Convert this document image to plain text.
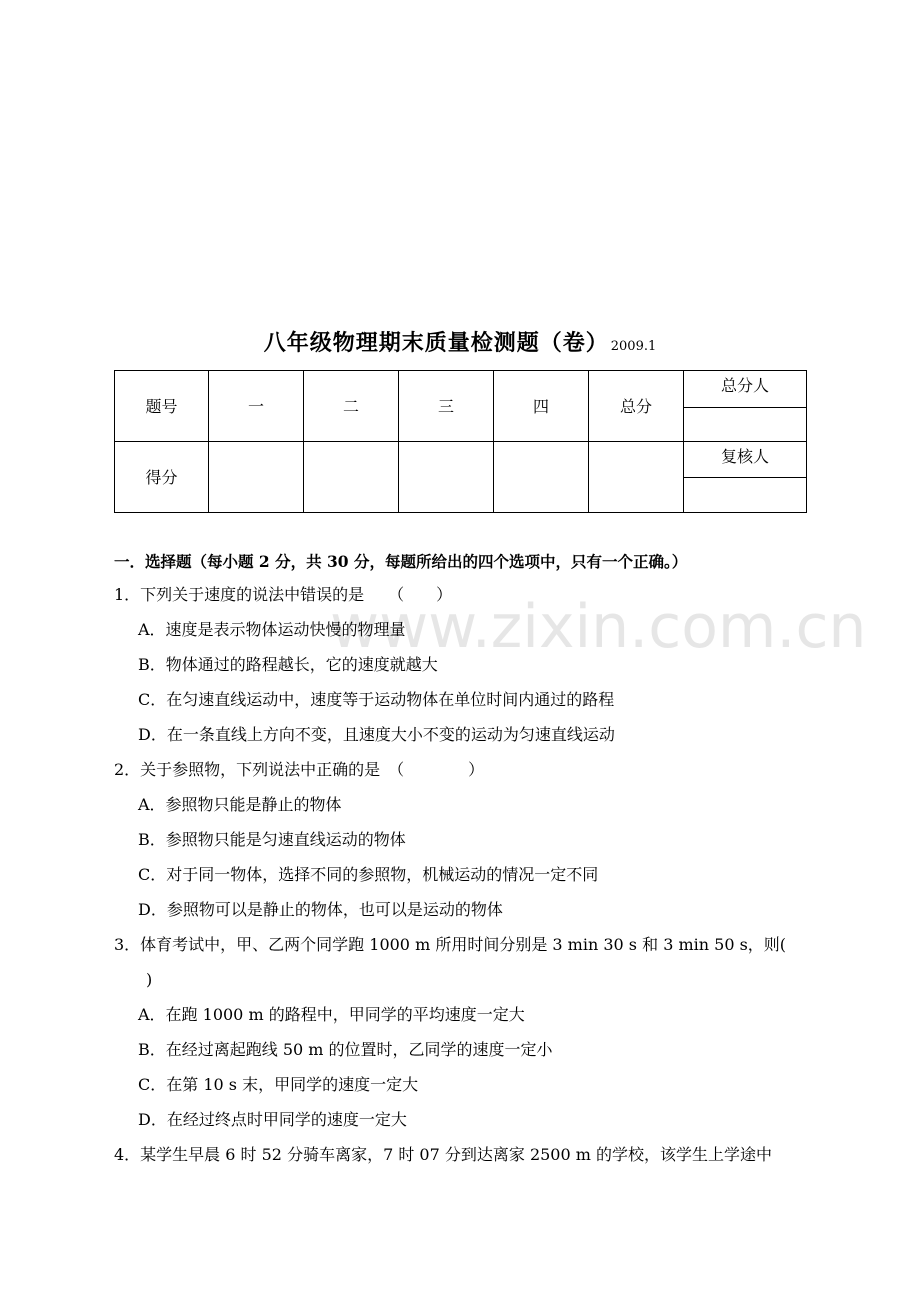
www.zixin.com.cn
八年级物理期末质量检测题（卷） 2009.1
题号	一	二	三	四	总分	总分人

得分						复核人

一．选择题（每小题 2 分，共 30 分，每题所给出的四个选项中，只有一个正确。）
1．下列关于速度的说法中错误的是　　（　　）
A．速度是表示物体运动快慢的物理量
B．物体通过的路程越长，它的速度就越大
C．在匀速直线运动中，速度等于运动物体在单位时间内通过的路程
D．在一条直线上方向不变，且速度大小不变的运动为匀速直线运动
2．关于参照物，下列说法中正确的是　（　　　　）
A．参照物只能是静止的物体
B．参照物只能是匀速直线运动的物体
C．对于同一物体，选择不同的参照物，机械运动的情况一定不同
D．参照物可以是静止的物体，也可以是运动的物体
3．体育考试中，甲、乙两个同学跑 1000 m 所用时间分别是 3 min 30 s 和 3 min 50 s，则(
)
A．在跑 1000 m 的路程中，甲同学的平均速度一定大
B．在经过离起跑线 50 m 的位置时，乙同学的速度一定小
C．在第 10 s 末，甲同学的速度一定大
D．在经过终点时甲同学的速度一定大
4．某学生早晨 6 时 52 分骑车离家，7 时 07 分到达离家 2500 m 的学校，该学生上学途中
